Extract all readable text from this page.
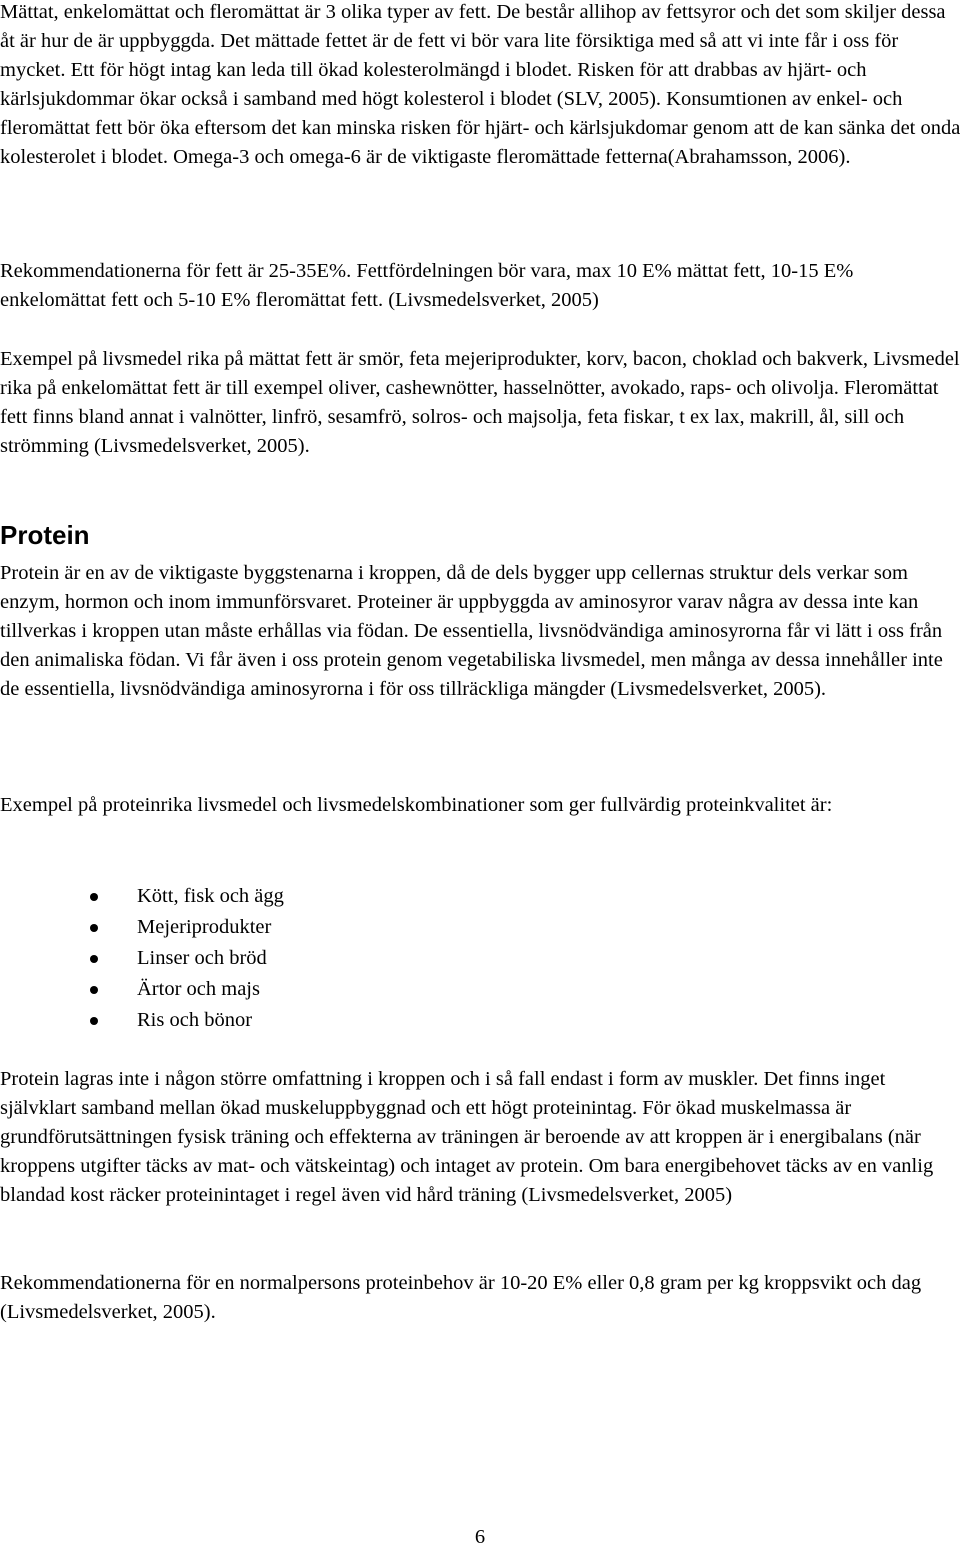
Mättat, enkelomättat och fleromättat är 3 olika typer av fett. De består allihop av fettsyror och det som skiljer dessa åt är hur de är uppbyggda. Det mättade fettet är de fett vi bör vara lite försiktiga med så att vi inte får i oss för mycket. Ett för högt intag kan leda till ökad kolesterolmängd i blodet. Risken för att drabbas av hjärt- och kärlsjukdommar ökar också i samband med högt kolesterol i blodet (SLV, 2005). Konsumtionen av enkel- och fleromättat fett bör öka eftersom det kan minska risken för hjärt- och kärlsjukdomar genom att de kan sänka det onda kolesterolet i blodet. Omega-3 och omega-6 är de viktigaste fleromättade fetterna(Abrahamsson, 2006).

Rekommendationerna för fett är 25-35E%. Fettfördelningen bör vara, max 10 E% mättat fett, 10-15 E% enkelomättat fett och 5-10 E% fleromättat fett. (Livsmedelsverket, 2005)

Exempel på livsmedel rika på mättat fett är smör, feta mejeriprodukter, korv, bacon, choklad och bakverk, Livsmedel rika på enkelomättat fett är till exempel oliver, cashewnötter, hasselnötter, avokado, raps- och olivolja. Fleromättat fett finns bland annat i valnötter, linfrö, sesamfrö, solros- och majsolja, feta fiskar, t ex lax, makrill, ål, sill och strömming (Livsmedelsverket, 2005).

Protein

Protein är en av de viktigaste byggstenarna i kroppen, då de dels bygger upp cellernas struktur dels verkar som enzym, hormon och inom immunförsvaret. Proteiner är uppbyggda av aminosyror varav några av dessa inte kan tillverkas i kroppen utan måste erhållas via födan. De essentiella, livsnödvändiga aminosyrorna får vi lätt i oss från den animaliska födan. Vi får även i oss protein genom vegetabiliska livsmedel, men många av dessa innehåller inte de essentiella, livsnödvändiga aminosyrorna i för oss tillräckliga mängder (Livsmedelsverket, 2005).

Exempel på proteinrika livsmedel och livsmedelskombinationer som ger fullvärdig proteinkvalitet är:

Kött, fisk och ägg
Mejeriprodukter
Linser och bröd
Ärtor och majs
Ris och bönor

Protein lagras inte i någon större omfattning i kroppen och i så fall endast i form av muskler. Det finns inget självklart samband mellan ökad muskeluppbyggnad och ett högt proteinintag. För ökad muskelmassa är grundförutsättningen fysisk träning och effekterna av träningen är beroende av att kroppen är i energibalans (när kroppens utgifter täcks av mat- och vätskeintag) och intaget av protein. Om bara energibehovet täcks av en vanlig blandad kost räcker proteinintaget i regel även vid hård träning (Livsmedelsverket, 2005)

Rekommendationerna för en normalpersons proteinbehov är 10-20 E% eller 0,8 gram per kg kroppsvikt och dag (Livsmedelsverket, 2005).

6
